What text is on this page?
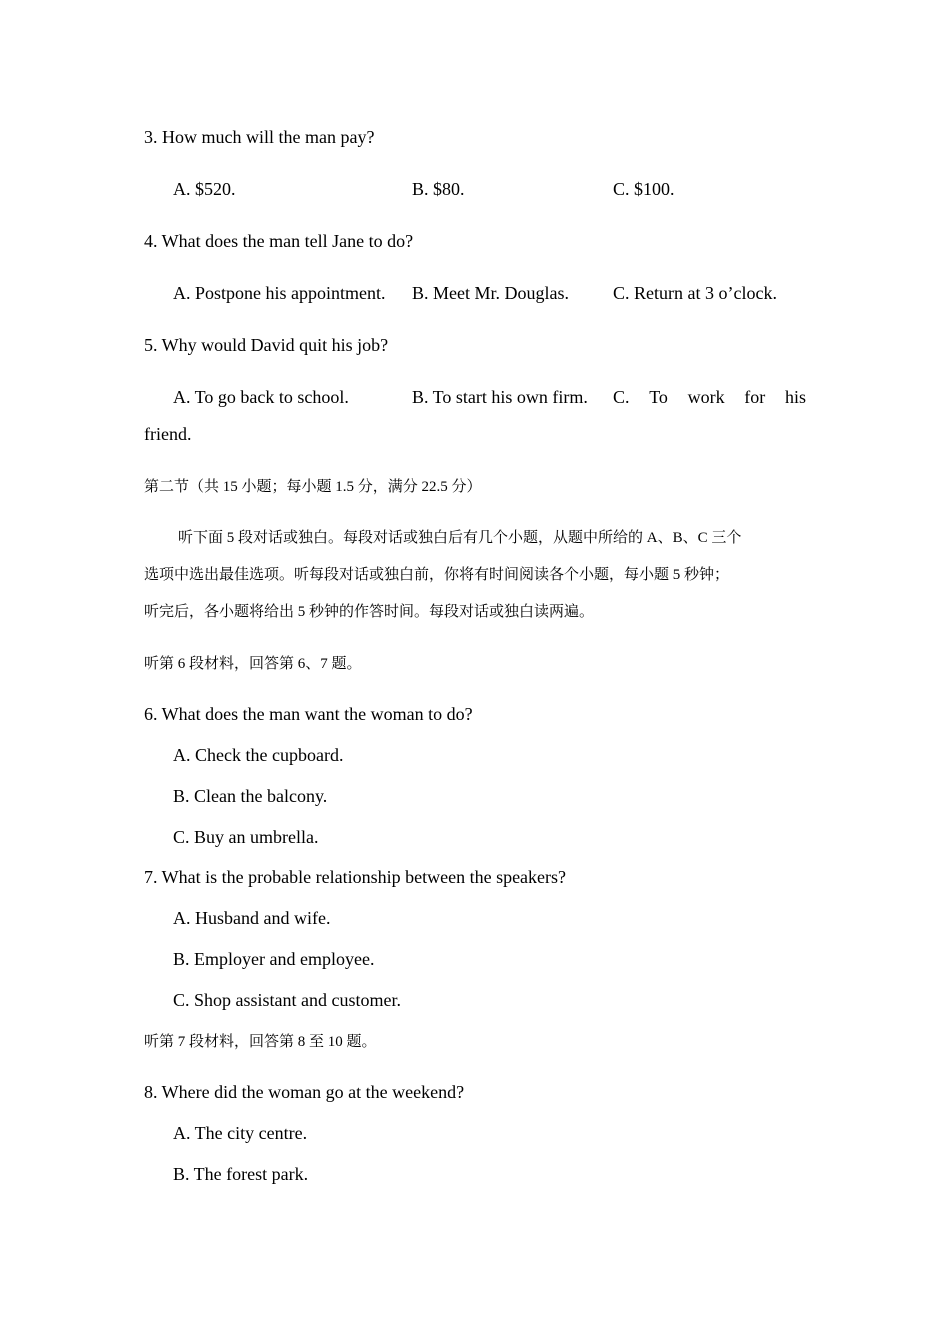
3. How much will the man pay?
A. $520.	B. $80.	C. $100.
4. What does the man tell Jane to do?
A. Postpone his appointment. B. Meet Mr. Douglas. C. Return at 3 o’clock.
5. Why would David quit his job?
A. To go back to school.	B. To start his own firm. C. To work for his
friend.
第二节（共 15 小题；每小题 1.5 分，满分 22.5 分）
听下面 5 段对话或独白。每段对话或独白后有几个小题，从题中所给的 A、B、C 三个
选项中选出最佳选项。听每段对话或独白前，你将有时间阅读各个小题，每小题 5 秒钟；
听完后，各小题将给出 5 秒钟的作答时间。每段对话或独白读两遍。
听第 6 段材料，回答第 6、7 题。
6. What does the man want the woman to do?
A. Check the cupboard.
B. Clean the balcony.
C. Buy an umbrella.
7. What is the probable relationship between the speakers?
A. Husband and wife.
B. Employer and employee.
C. Shop assistant and customer.
听第 7 段材料，回答第 8 至 10 题。
8. Where did the woman go at the weekend?
A. The city centre.
B. The forest park.
